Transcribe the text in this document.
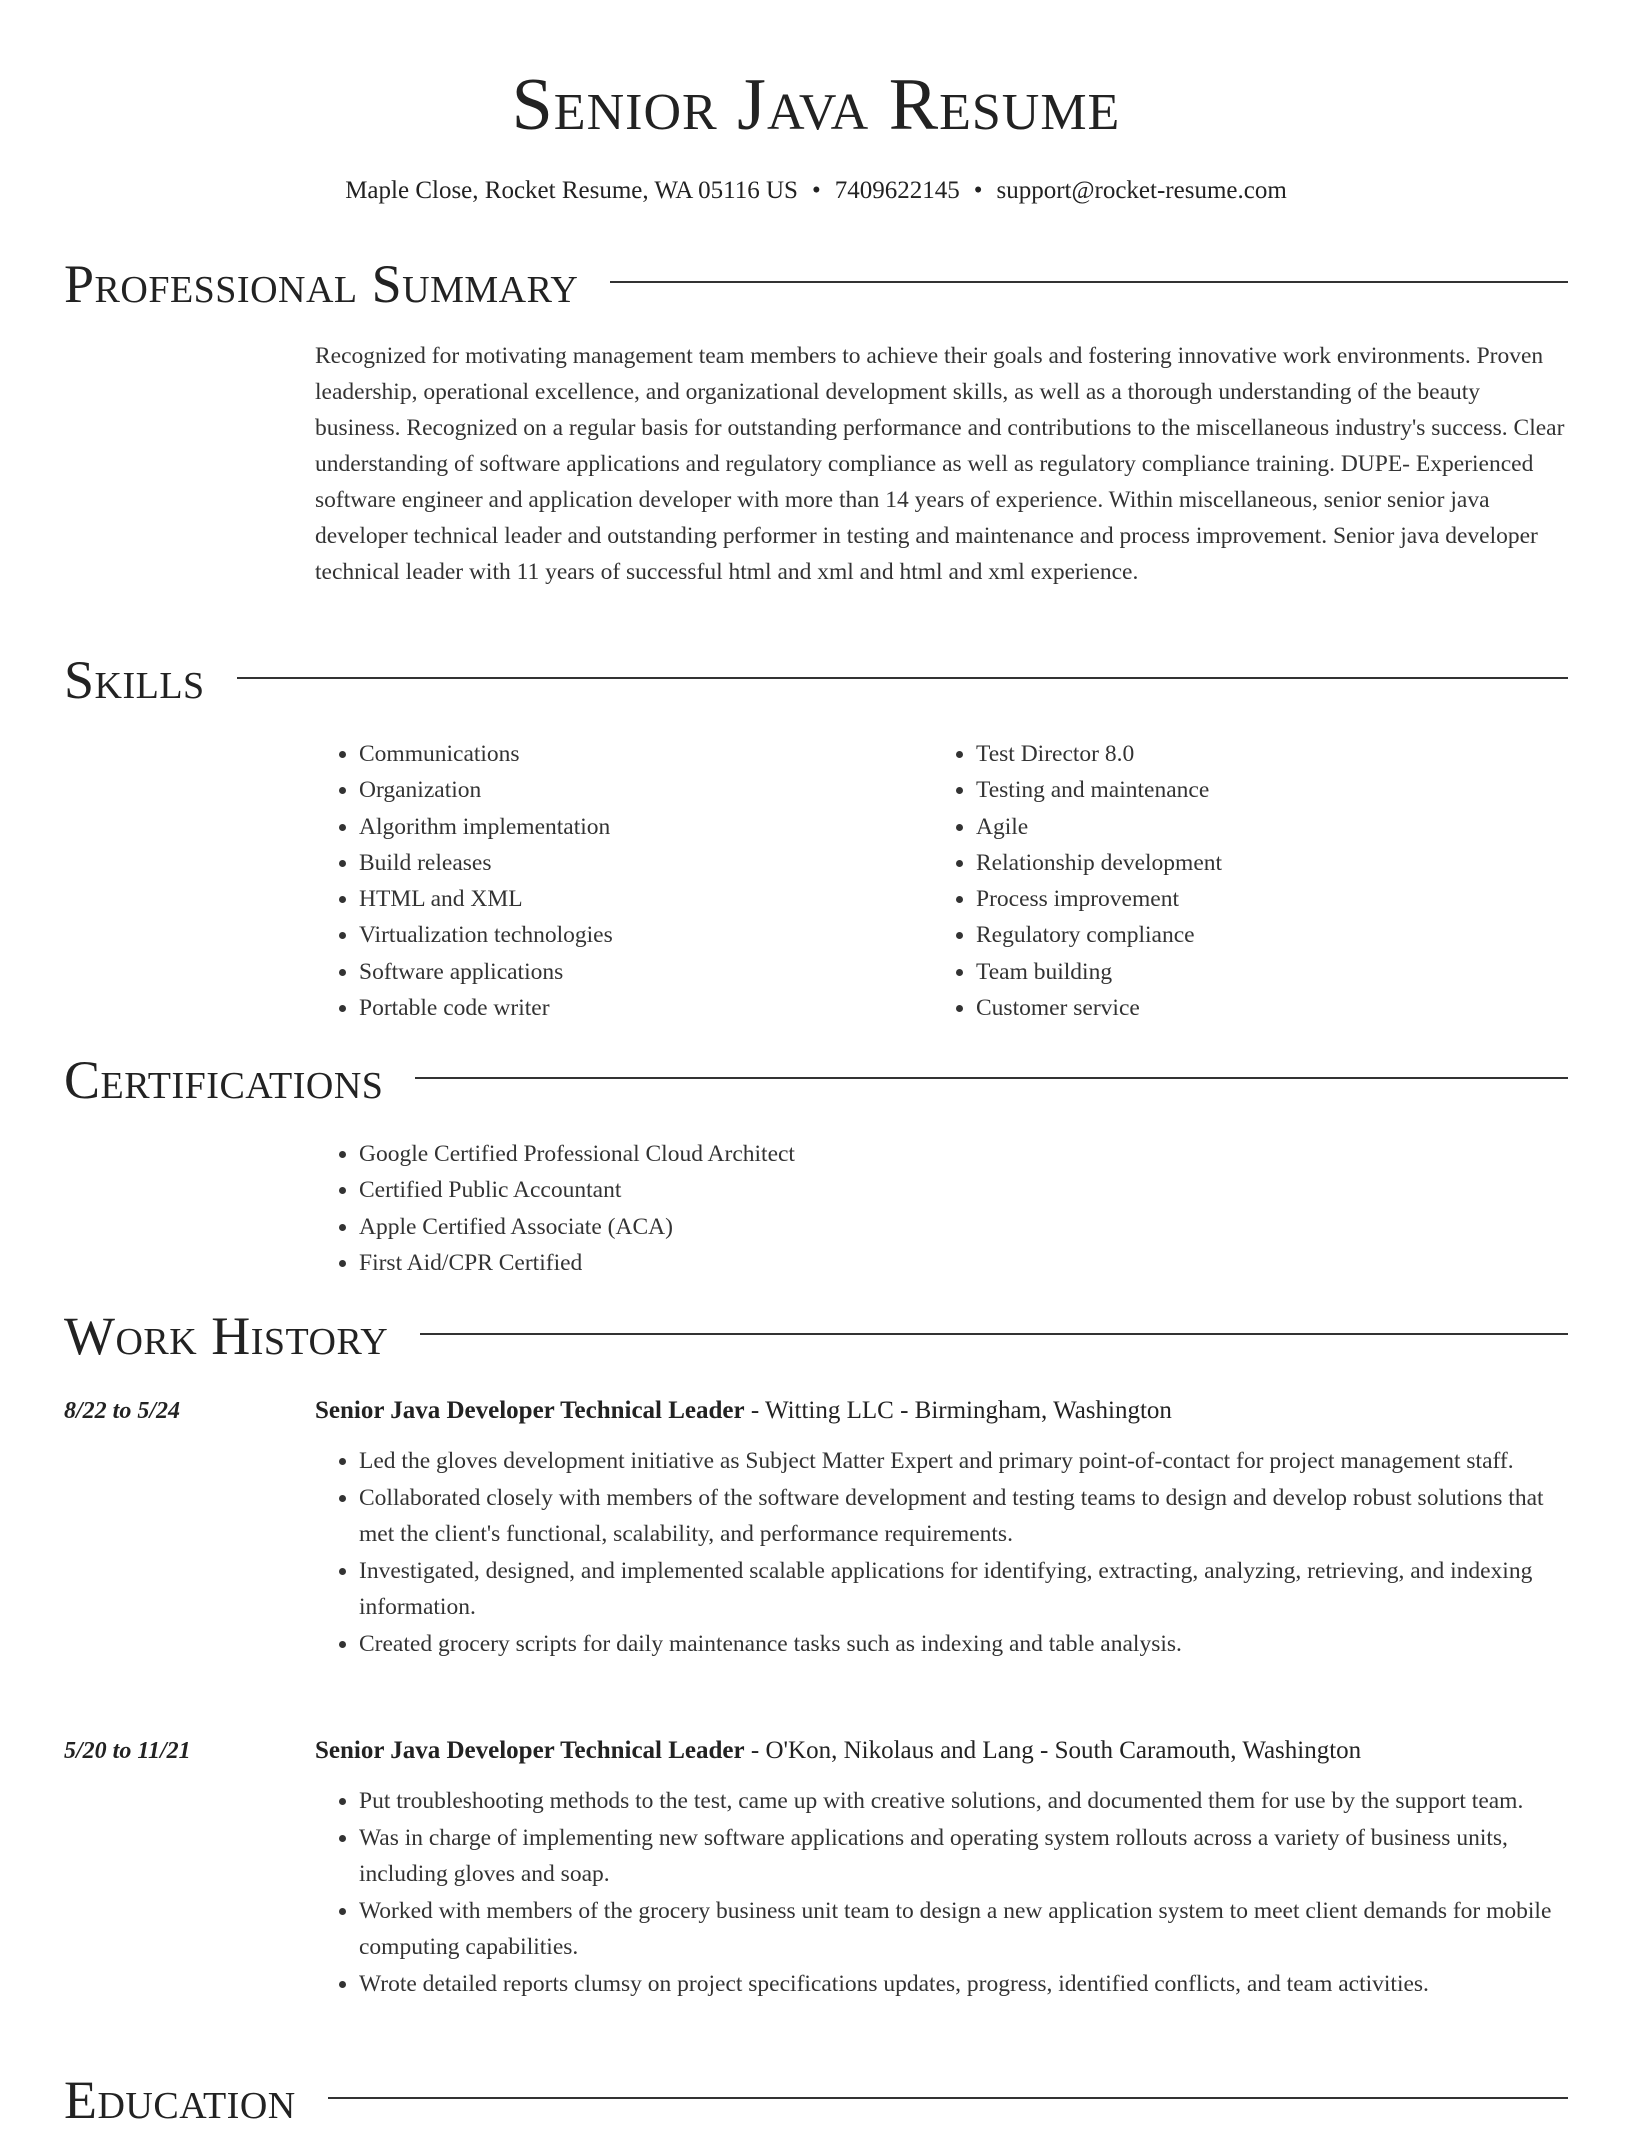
Senior Java Resume
Maple Close, Rocket Resume, WA 05116 US • 7409622145 • support@rocket-resume.com
Professional Summary
Recognized for motivating management team members to achieve their goals and fostering innovative work environments. Proven leadership, operational excellence, and organizational development skills, as well as a thorough understanding of the beauty business. Recognized on a regular basis for outstanding performance and contributions to the miscellaneous industry's success. Clear understanding of software applications and regulatory compliance as well as regulatory compliance training. DUPE- Experienced software engineer and application developer with more than 14 years of experience. Within miscellaneous, senior senior java developer technical leader and outstanding performer in testing and maintenance and process improvement. Senior java developer technical leader with 11 years of successful html and xml and html and xml experience.
Skills
• Communications
• Organization
• Algorithm implementation
• Build releases
• HTML and XML
• Virtualization technologies
• Software applications
• Portable code writer
• Test Director 8.0
• Testing and maintenance
• Agile
• Relationship development
• Process improvement
• Regulatory compliance
• Team building
• Customer service
Certifications
• Google Certified Professional Cloud Architect
• Certified Public Accountant
• Apple Certified Associate (ACA)
• First Aid/CPR Certified
Work History
8/22 to 5/24	Senior Java Developer Technical Leader - Witting LLC - Birmingham, Washington
• Led the gloves development initiative as Subject Matter Expert and primary point-of-contact for project management staff.
• Collaborated closely with members of the software development and testing teams to design and develop robust solutions that met the client's functional, scalability, and performance requirements.
• Investigated, designed, and implemented scalable applications for identifying, extracting, analyzing, retrieving, and indexing information.
• Created grocery scripts for daily maintenance tasks such as indexing and table analysis.
5/20 to 11/21	Senior Java Developer Technical Leader - O'Kon, Nikolaus and Lang - South Caramouth, Washington
• Put troubleshooting methods to the test, came up with creative solutions, and documented them for use by the support team.
• Was in charge of implementing new software applications and operating system rollouts across a variety of business units, including gloves and soap.
• Worked with members of the grocery business unit team to design a new application system to meet client demands for mobile computing capabilities.
• Wrote detailed reports clumsy on project specifications updates, progress, identified conflicts, and team activities.
Education
